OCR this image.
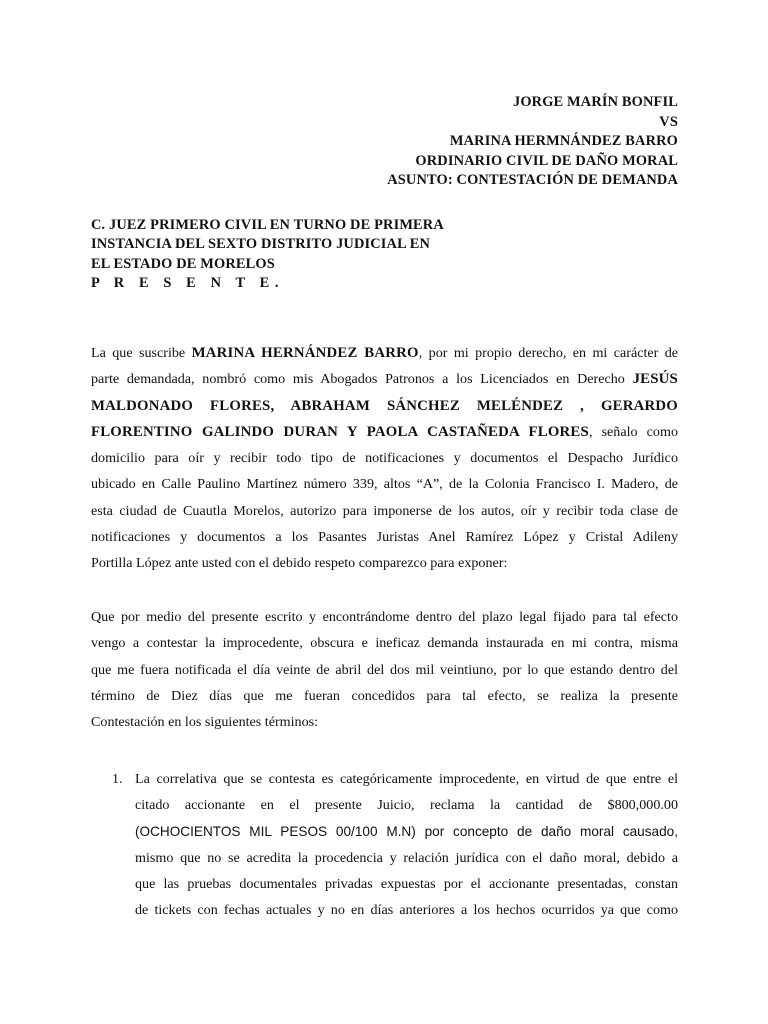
JORGE MARÍN BONFIL
VS
MARINA HERMNÁNDEZ BARRO
ORDINARIO CIVIL DE DAÑO MORAL
ASUNTO: CONTESTACIÓN DE DEMANDA
C. JUEZ PRIMERO CIVIL EN TURNO DE PRIMERA
INSTANCIA DEL SEXTO DISTRITO JUDICIAL EN
EL ESTADO DE MORELOS
P R E S E N T E.
La que suscribe MARINA HERNÁNDEZ BARRO, por mi propio derecho, en mi carácter de
parte demandada, nombró como mis Abogados Patronos a los Licenciados en Derecho JESÚS
MALDONADO FLORES, ABRAHAM SÁNCHEZ MELÉNDEZ , GERARDO
FLORENTINO GALINDO DURAN Y PAOLA CASTAÑEDA FLORES, señalo como
domicilio para oír y recibir todo tipo de notificaciones y documentos el Despacho Jurídico
ubicado en Calle Paulino Martínez número 339, altos “A”, de la Colonia Francisco I. Madero, de
esta ciudad de Cuautla Morelos, autorizo para imponerse de los autos, oír y recibir toda clase de
notificaciones y documentos a los Pasantes Juristas Anel Ramírez López y Cristal Adileny
Portilla López ante usted con el debido respeto comparezco para exponer:
Que por medio del presente escrito y encontrándome dentro del plazo legal fijado para tal efecto
vengo a contestar la improcedente, obscura e ineficaz demanda instaurada en mi contra, misma
que me fuera notificada el día veinte de abril del dos mil veintiuno, por lo que estando dentro del
término de Diez días que me fueran concedidos para tal efecto, se realiza la presente
Contestación en los siguientes términos:
1. La correlativa que se contesta es categóricamente improcedente, en virtud de que entre el
citado accionante en el presente Juicio, reclama la cantidad de $800,000.00
(OCHOCIENTOS MIL PESOS 00/100 M.N) por concepto de daño moral causado,
mismo que no se acredita la procedencia y relación jurídica con el daño moral, debido a
que las pruebas documentales privadas expuestas por el accionante presentadas, constan
de tickets con fechas actuales y no en días anteriores a los hechos ocurridos ya que como
